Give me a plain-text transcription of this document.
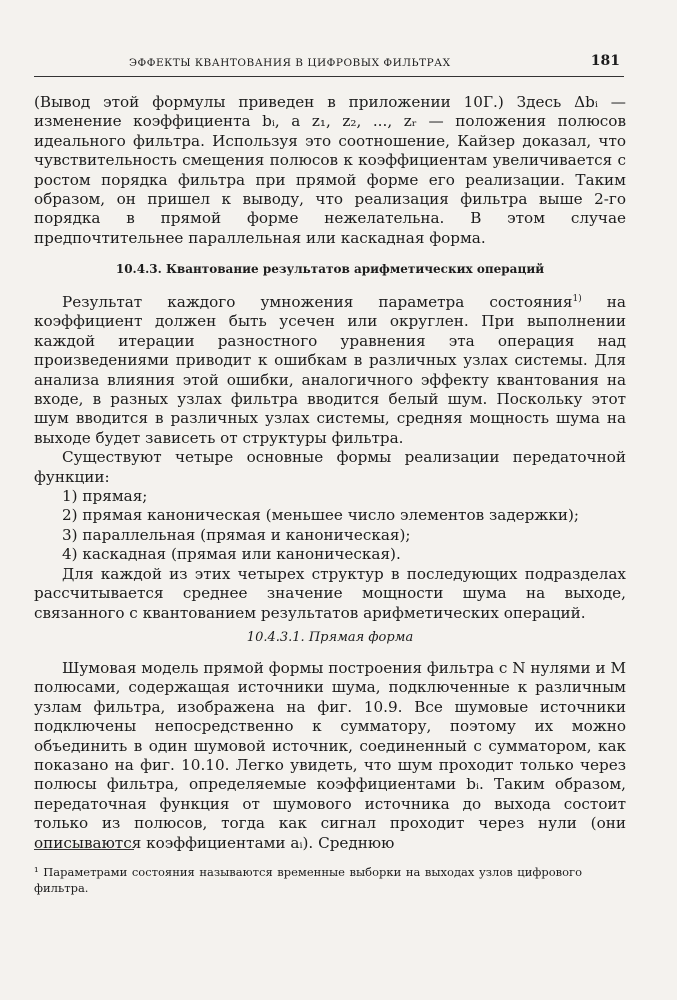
ЭФФЕКТЫ КВАНТОВАНИЯ В ЦИФРОВЫХ ФИЛЬТРАХ	181

(Вывод этой формулы приведен в приложении 10Г.) Здесь Δbᵢ — изменение коэффициента bᵢ, а z₁, z₂, ..., zᵣ — положения полюсов идеального фильтра. Используя это соотношение, Кайзер доказал, что чувствительность смещения полюсов к коэффициентам увеличивается с ростом порядка фильтра при прямой форме его реализации. Таким образом, он пришел к выводу, что реализация фильтра выше 2-го порядка в прямой форме нежелательна. В этом случае предпочтительнее параллельная или каскадная форма.

10.4.3. Квантование результатов арифметических операций

Результат каждого умножения параметра состояния$^{1)}$ на коэффициент должен быть усечен или округлен. При выполнении каждой итерации разностного уравнения эта операция над произведениями приводит к ошибкам в различных узлах системы. Для анализа влияния этой ошибки, аналогичного эффекту квантования на входе, в разных узлах фильтра вводится белый шум. Поскольку этот шум вводится в различных узлах системы, средняя мощность шума на выходе будет зависеть от структуры фильтра.

Существуют четыре основные формы реализации передаточной функции:

1) прямая;
2) прямая каноническая (меньшее число элементов задержки);
3) параллельная (прямая и каноническая);
4) каскадная (прямая или каноническая).

Для каждой из этих четырех структур в последующих подразделах рассчитывается среднее значение мощности шума на выходе, связанного с квантованием результатов арифметических операций.

10.4.3.1. Прямая форма

Шумовая модель прямой формы построения фильтра с N нулями и M полюсами, содержащая источники шума, подключенные к различным узлам фильтра, изображена на фиг. 10.9. Все шумовые источники подключены непосредственно к сумматору, поэтому их можно объединить в один шумовой источник, соединенный с сумматором, как показано на фиг. 10.10. Легко увидеть, что шум проходит только через полюсы фильтра, определяемые коэффициентами bᵢ. Таким образом, передаточная функция от шумового источника до выхода состоит только из полюсов, тогда как сигнал проходит через нули (они описываются коэффициентами aᵢ). Среднюю

¹ Параметрами состояния называются временные выборки на выходах узлов цифрового фильтра.
